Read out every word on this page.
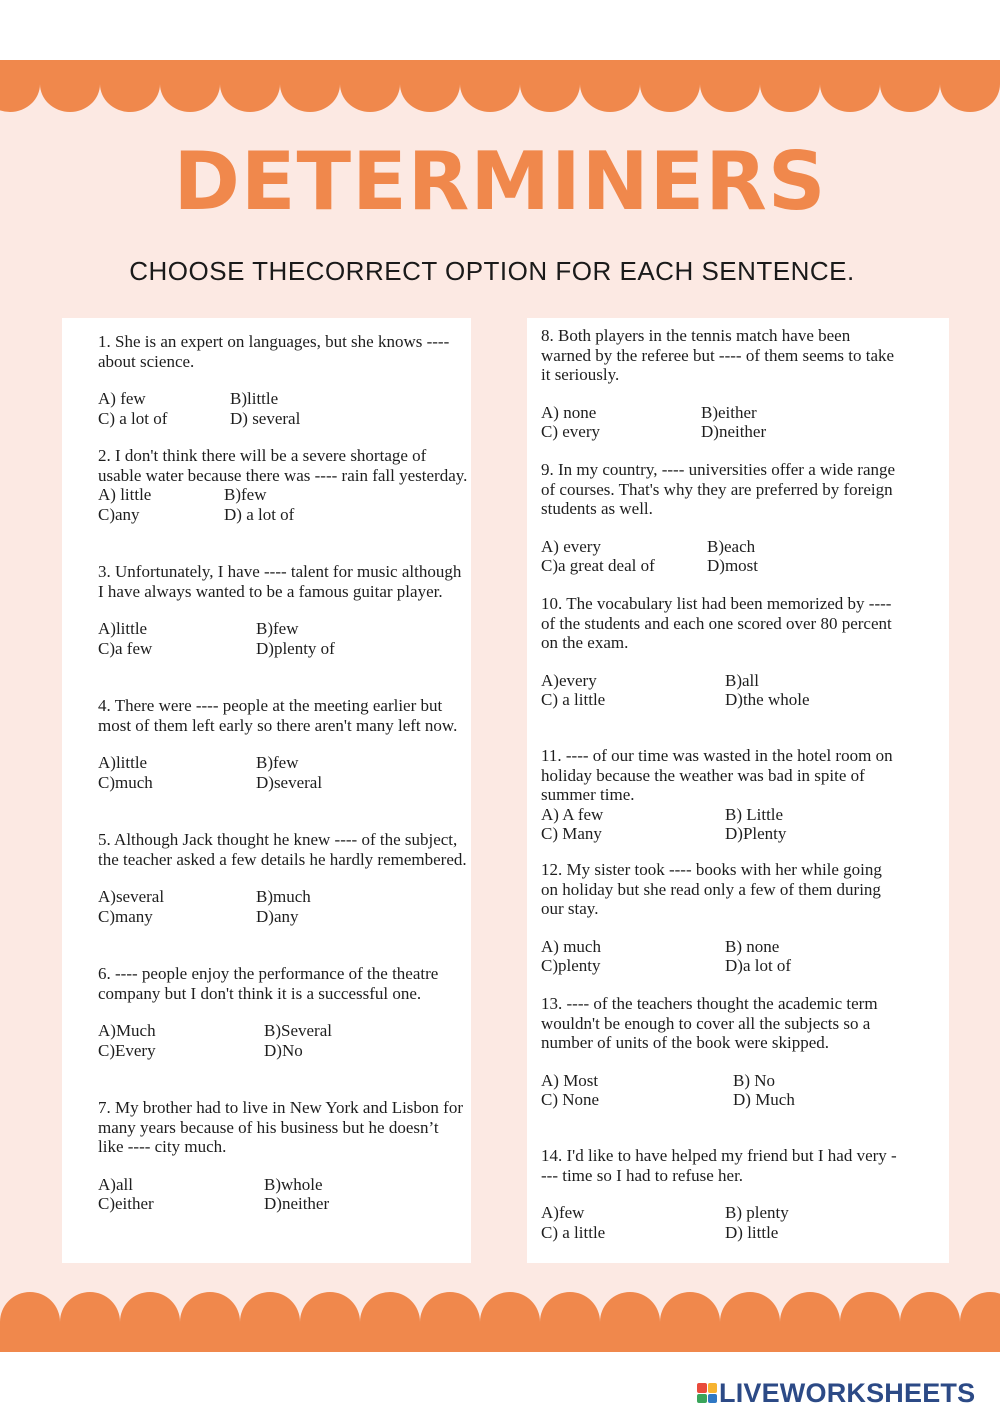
DETERMINERS
CHOOSE THECORRECT OPTION FOR EACH SENTENCE.

1. She is an expert on languages, but she knows ---- about science.

A) few	B)little
C) a lot of	D) several

2. I don't think there will be a severe shortage of usable water because there was ---- rain fall yesterday.

A) little	B)few
C)any	D) a lot of

3. Unfortunately, I have ---- talent for music although I have always wanted to be a famous guitar player.

A)little	B)few
C)a few	D)plenty of

4. There were ---- people at the meeting earlier but most of them left early so there aren't many left now.

A)little	B)few
C)much	D)several

5. Although Jack thought he knew ---- of the subject, the teacher asked a few details he hardly remembered.

A)several	B)much
C)many	D)any

6. ---- people enjoy the performance of the theatre company but I don't think it is a successful one.

A)Much	B)Several
C)Every	D)No

7. My brother had to live in New York and Lisbon for many years because of his business but he doesn’t like ---- city much.

A)all	B)whole
C)either	D)neither

8. Both players in the tennis match have been warned by the referee but ---- of them seems to take it seriously.

A) none	B)either
C) every	D)neither

9. In my country, ---- universities offer a wide range of courses. That's why they are preferred by foreign students as well.

A) every	B)each
C)a great deal of	D)most

10. The vocabulary list had been memorized by ---- of the students and each one scored over 80 percent on the exam.

A)every	B)all
C) a little	D)the whole

11. ---- of our time was wasted in the hotel room on holiday because the weather was bad in spite of summer time.

A) A few	B) Little
C) Many	D)Plenty

12. My sister took ---- books with her while going on holiday but she read only a few of them during our stay.

A) much	B) none
C)plenty	D)a lot of

13. ---- of the teachers thought the academic term wouldn't be enough to cover all the subjects so a number of units of the book were skipped.

A) Most	B) No
C) None	D) Much

14. I'd like to have helped my friend but I had very ---- time so I had to refuse her.

A)few	B) plenty
C) a little	D) little
LIVEWORKSHEETS
